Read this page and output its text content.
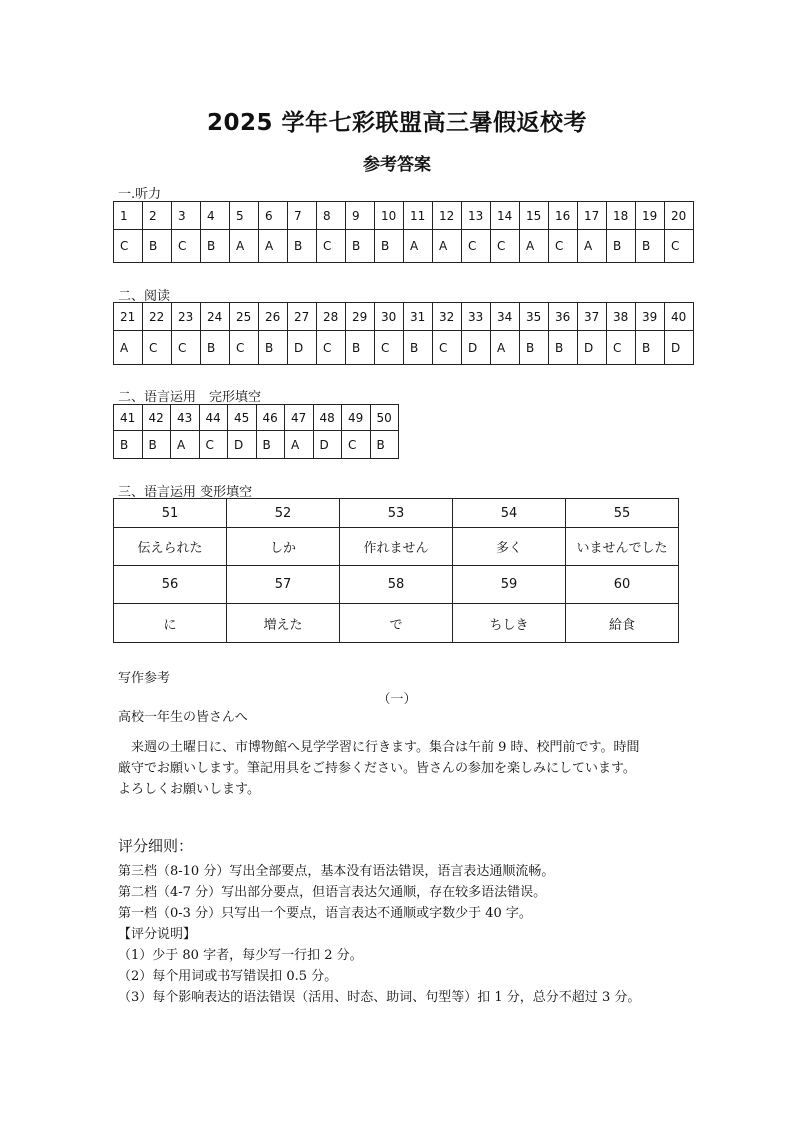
2025 学年七彩联盟高三暑假返校考
参考答案
一.听力
1	2	3	4	5	6	7	8	9	10	11	12	13	14	15	16	17	18	19	20
C	B	C	B	A	A	B	C	B	B	A	A	C	C	A	C	A	B	B	C
二、阅读
21	22	23	24	25	26	27	28	29	30	31	32	33	34	35	36	37	38	39	40
A	C	C	B	C	B	D	C	B	C	B	C	D	A	B	B	D	C	B	D
二、语言运用　完形填空
41	42	43	44	45	46	47	48	49	50
B	B	A	C	D	B	A	D	C	B
三、语言运用 变形填空
51	52	53	54	55
伝えられた	しか	作れません	多く	いませんでした
56	57	58	59	60
に	増えた	で	ちしき	給食
写作参考
（一）
高校一年生の皆さんへ
来週の土曜日に、市博物館へ見学学習に行きます。集合は午前 9 時、校門前です。時間
厳守でお願いします。筆記用具をご持参ください。皆さんの参加を楽しみにしています。
よろしくお願いします。
评分细则：
第三档（8-10 分）写出全部要点，基本没有语法错误，语言表达通顺流畅。
第二档（4-7 分）写出部分要点，但语言表达欠通顺，存在较多语法错误。
第一档（0-3 分）只写出一个要点，语言表达不通顺或字数少于 40 字。
【评分说明】
（1）少于 80 字者，每少写一行扣 2 分。
（2）每个用词或书写错误扣 0.5 分。
（3）每个影响表达的语法错误（活用、时态、助词、句型等）扣 1 分，总分不超过 3 分。
